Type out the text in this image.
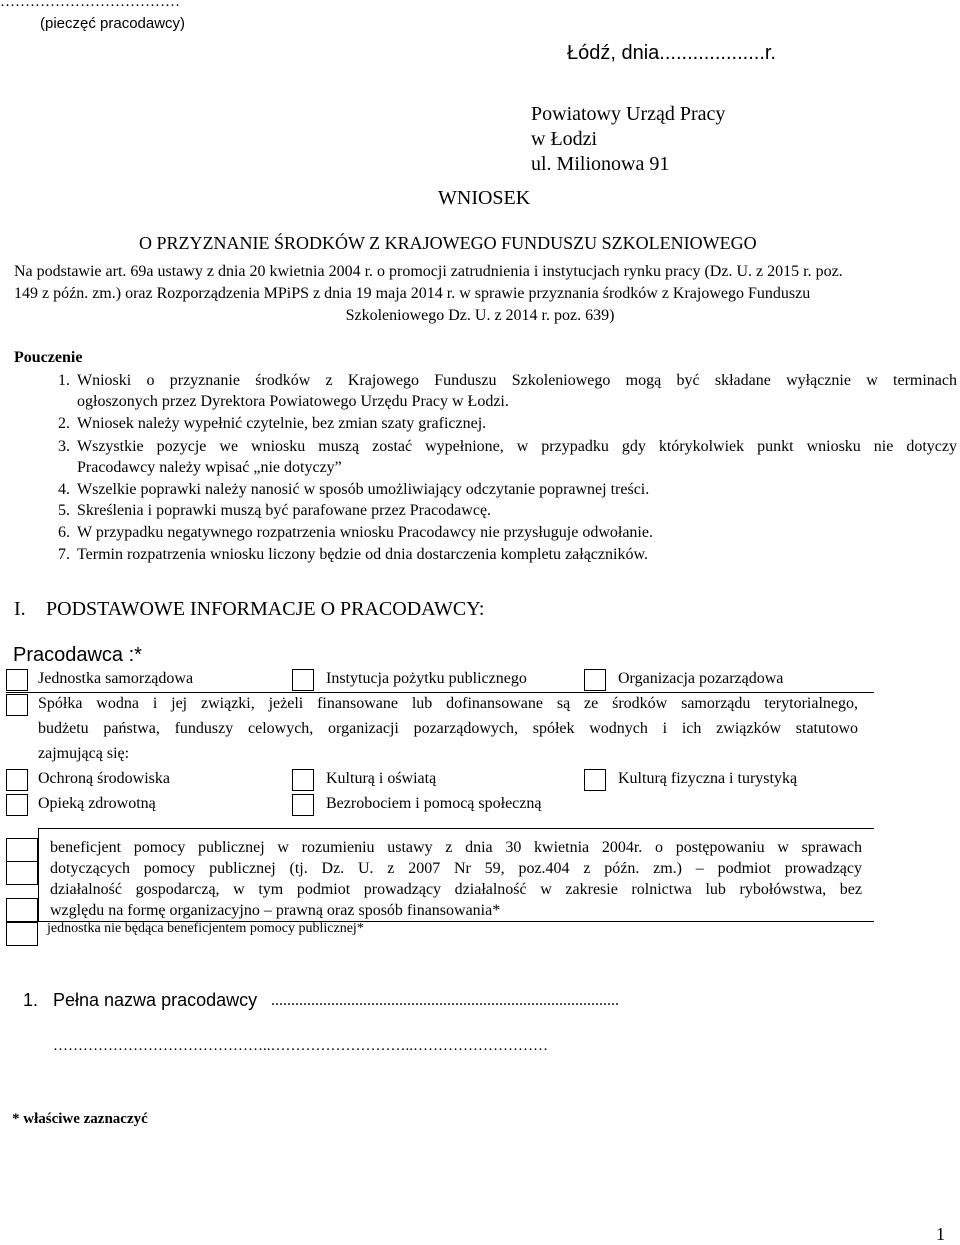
………………………………
(pieczęć pracodawcy)
Łódź, dnia...................r.
Powiatowy Urząd Pracy
w Łodzi
ul. Milionowa 91
WNIOSEK
O PRZYZNANIE ŚRODKÓW Z KRAJOWEGO FUNDUSZU SZKOLENIOWEGO
Na podstawie art. 69a ustawy z dnia 20 kwietnia 2004 r. o promocji zatrudnienia i instytucjach rynku pracy (Dz. U. z 2015 r. poz.
149 z późn. zm.) oraz Rozporządzenia MPiPS z dnia 19 maja 2014 r. w sprawie przyznania środków z Krajowego Funduszu
Szkoleniowego Dz. U. z 2014 r. poz. 639)
Pouczenie
1. Wnioski o przyznanie środków z Krajowego Funduszu Szkoleniowego mogą być składane wyłącznie w terminach
ogłoszonych przez Dyrektora Powiatowego Urzędu Pracy w Łodzi.
2. Wniosek należy wypełnić czytelnie, bez zmian szaty graficznej.
3. Wszystkie pozycje we wniosku muszą zostać wypełnione, w przypadku gdy którykolwiek punkt wniosku nie dotyczy
Pracodawcy należy wpisać „nie dotyczy”
4. Wszelkie poprawki należy nanosić w sposób umożliwiający odczytanie poprawnej treści.
5. Skreślenia i poprawki muszą być parafowane przez Pracodawcę.
6. W przypadku negatywnego rozpatrzenia wniosku Pracodawcy nie przysługuje odwołanie.
7. Termin rozpatrzenia wniosku liczony będzie od dnia dostarczenia kompletu załączników.
I. PODSTAWOWE INFORMACJE O PRACODAWCY:
Pracodawca :*
Jednostka samorządowa	Instytucja pożytku publicznego	Organizacja pozarządowa
Spółka wodna i jej związki, jeżeli finansowane lub dofinansowane są ze środków samorządu terytorialnego,
budżetu państwa, funduszy celowych, organizacji pozarządowych, spółek wodnych i ich związków statutowo
zajmującą się:
Ochroną środowiska	Kulturą i oświatą	Kulturą fizyczna i turystyką
Opieką zdrowotną	Bezrobociem i pomocą społeczną
beneficjent pomocy publicznej w rozumieniu ustawy z dnia 30 kwietnia 2004r. o postępowaniu w sprawach
dotyczących pomocy publicznej (tj. Dz. U. z 2007 Nr 59, poz.404 z późn. zm.) – podmiot prowadzący
działalność gospodarczą, w tym podmiot prowadzący działalność w zakresie rolnictwa lub rybołówstwa, bez
względu na formę organizacyjno – prawną oraz sposób finansowania*
jednostka nie będąca beneficjentem pomocy publicznej*
1. Pełna nazwa pracodawcy .......................................................................................
……………………………………..………………………..………………………
* właściwe zaznaczyć
1
